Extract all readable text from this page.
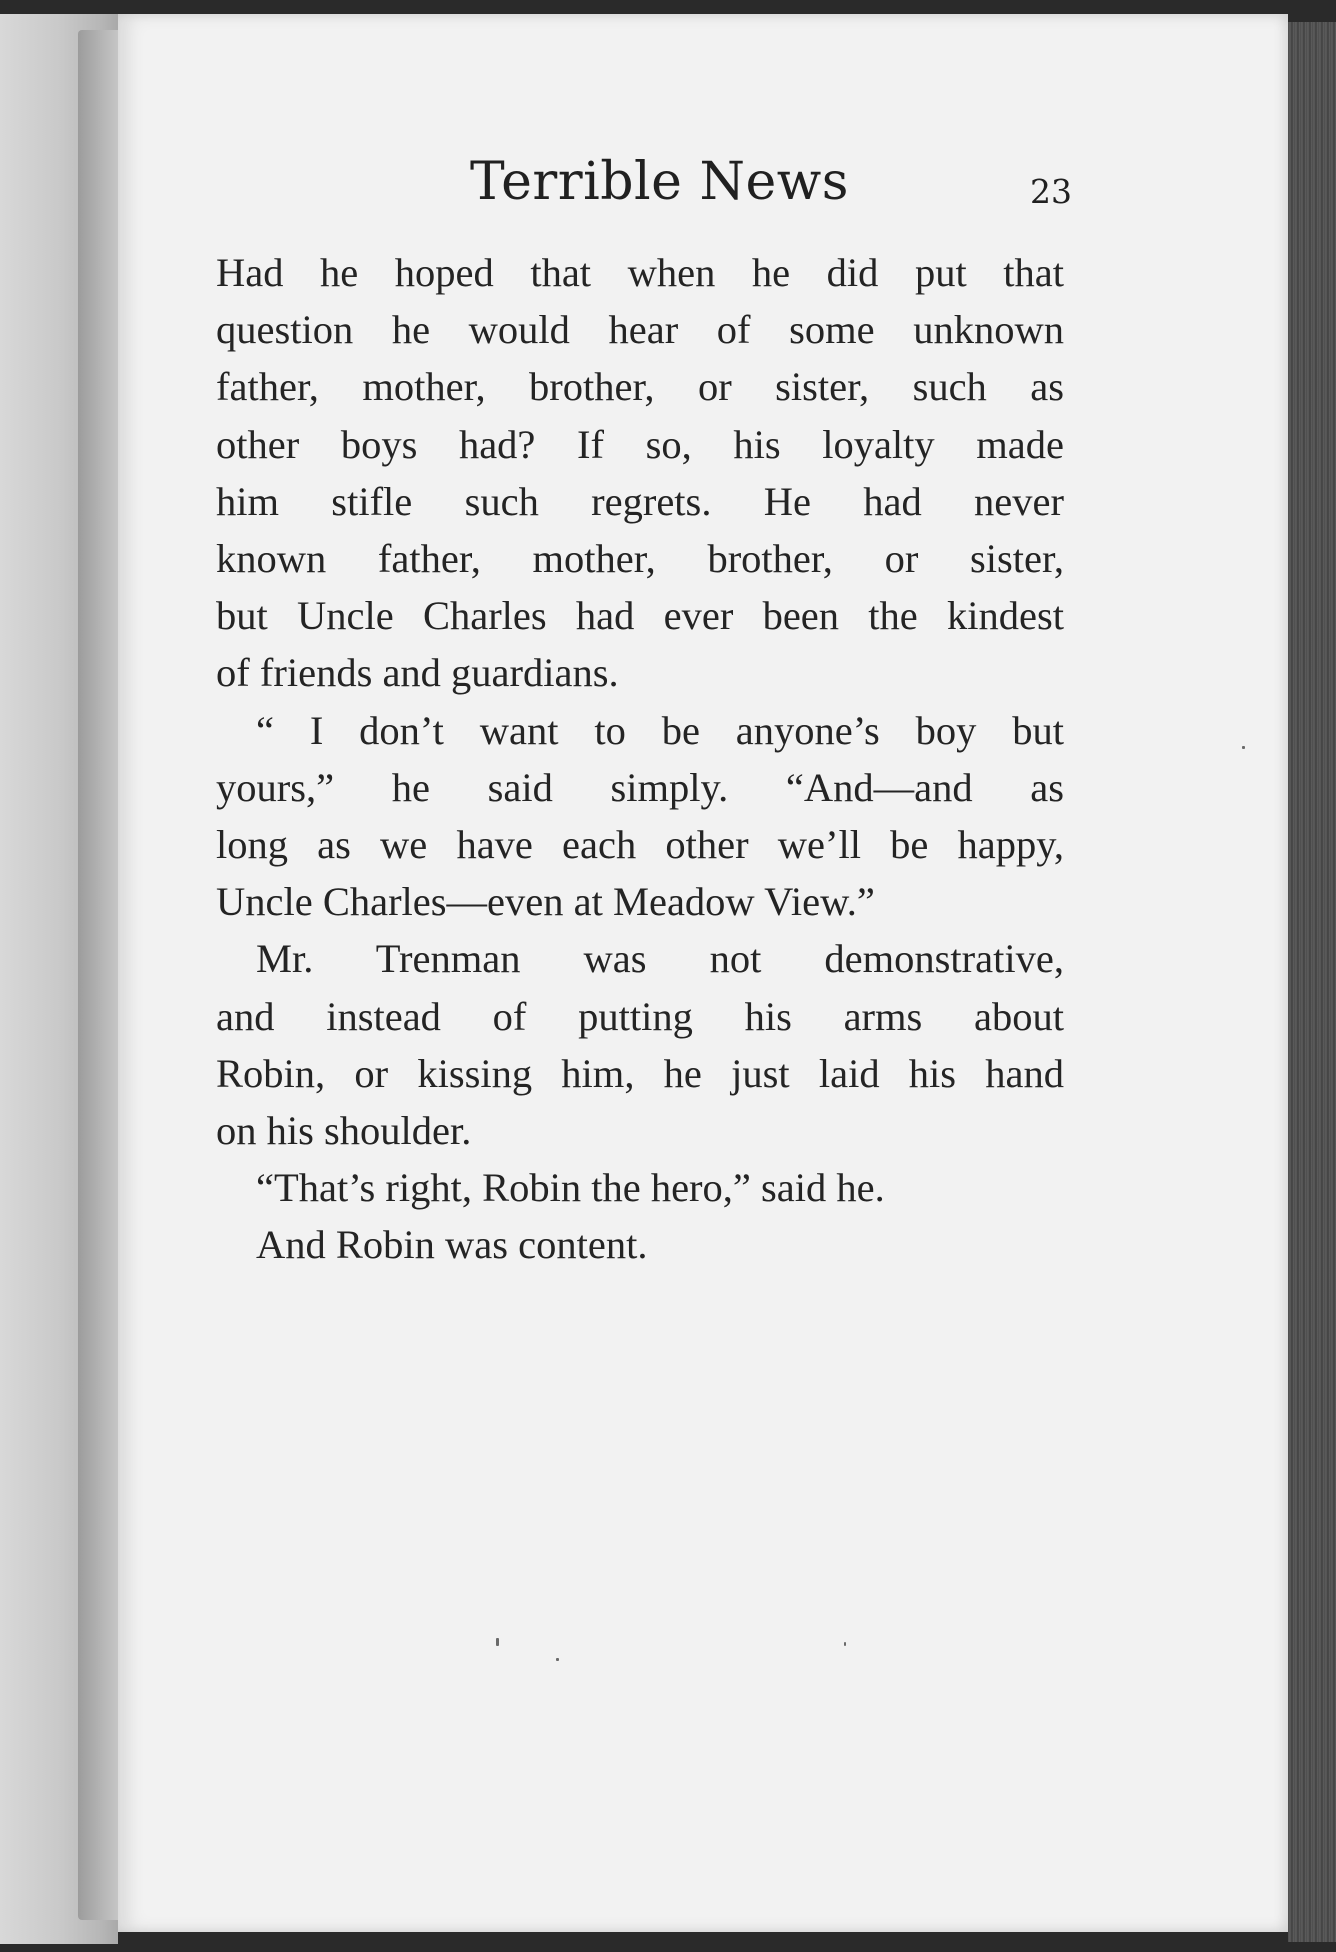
Terrible News	23

Had he hoped that when he did put that

question he would hear of some unknown

father, mother, brother, or sister, such as

other boys had? If so, his loyalty made

him stifle such regrets. He had never

known father, mother, brother, or sister,

but Uncle Charles had ever been the kindest

of friends and guardians.

“ I don’t want to be anyone’s boy but

yours,” he said simply. “And—and as

long as we have each other we’ll be happy,

Uncle Charles—even at Meadow View.”

Mr. Trenman was not demonstrative,

and instead of putting his arms about

Robin, or kissing him, he just laid his hand

on his shoulder.

“That’s right, Robin the hero,” said he.

And Robin was content.
